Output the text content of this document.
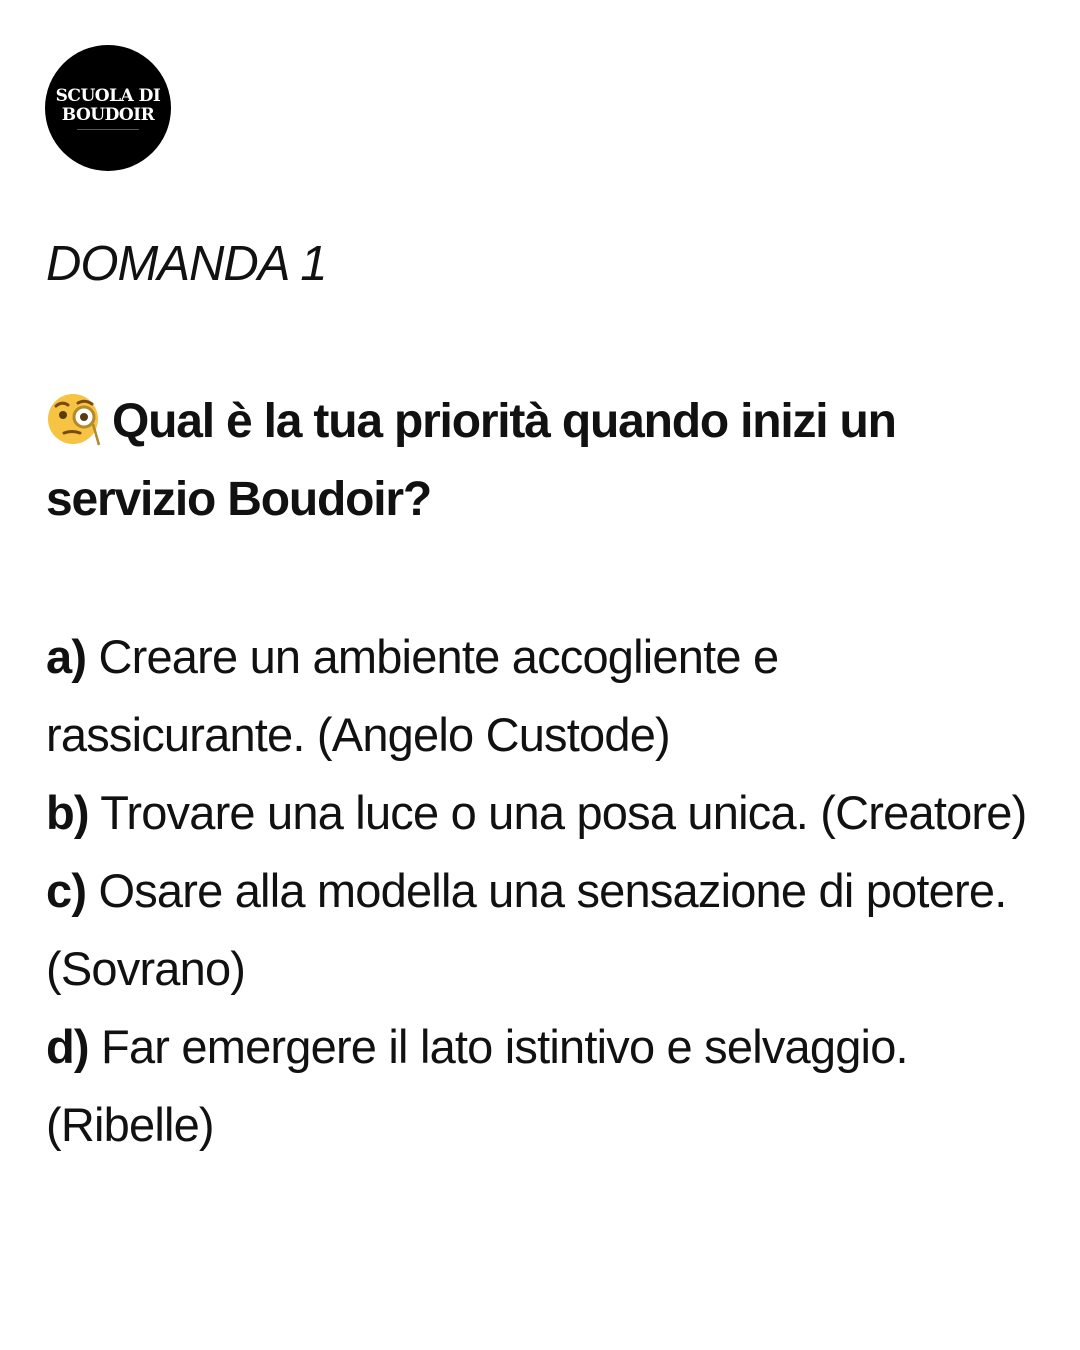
SCUOLA DI
BOUDOIR
DOMANDA 1
Qual è la tua priorità quando inizi un servizio Boudoir?
a) Creare un ambiente accogliente e rassicurante. (Angelo Custode)
b) Trovare una luce o una posa unica. (Creatore)
c) Osare alla modella una sensazione di potere. (Sovrano)
d) Far emergere il lato istintivo e selvaggio. (Ribelle)
